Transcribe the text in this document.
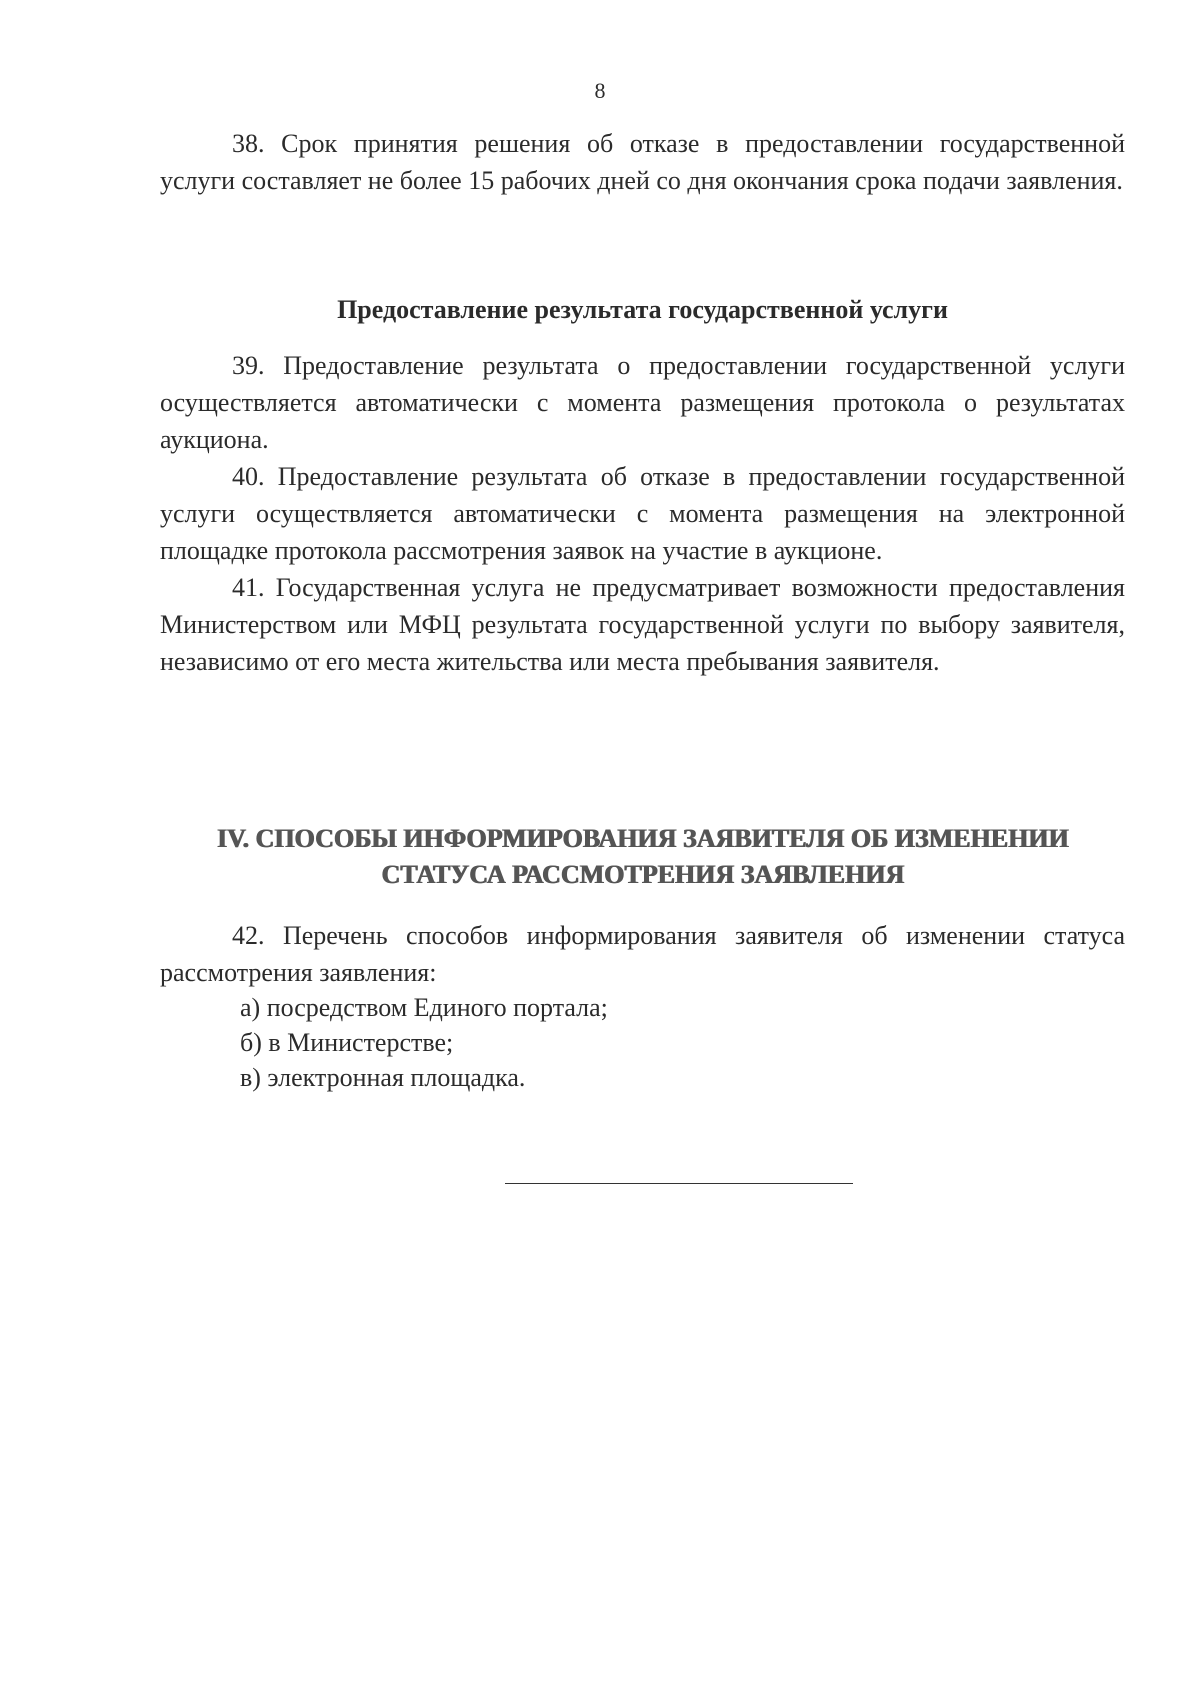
8

38. Срок принятия решения об отказе в предоставлении государственной услуги составляет не более 15 рабочих дней со дня окончания срока подачи заявления.

Предоставление результата государственной услуги

39. Предоставление результата о предоставлении государственной услуги осуществляется автоматически с момента размещения протокола о результатах аукциона.

40. Предоставление результата об отказе в предоставлении государственной услуги осуществляется автоматически с момента размещения на электронной площадке протокола рассмотрения заявок на участие в аукционе.

41. Государственная услуга не предусматривает возможности предоставления Министерством или МФЦ результата государственной услуги по выбору заявителя, независимо от его места жительства или места пребывания заявителя.

IV. СПОСОБЫ ИНФОРМИРОВАНИЯ ЗАЯВИТЕЛЯ ОБ ИЗМЕНЕНИИ
СТАТУСА РАССМОТРЕНИЯ ЗАЯВЛЕНИЯ

42. Перечень способов информирования заявителя об изменении статуса рассмотрения заявления:

а) посредством Единого портала;
б) в Министерстве;
в) электронная площадка.
